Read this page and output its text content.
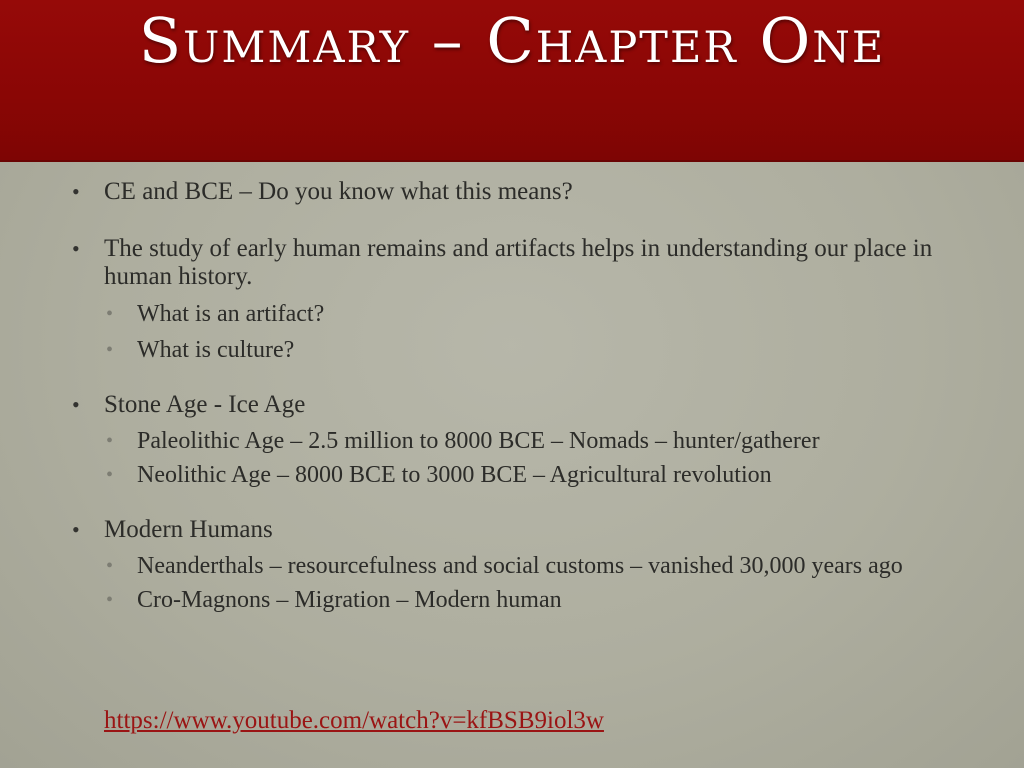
Summary – Chapter One

• CE and BCE – Do you know what this means?

• The study of early human remains and artifacts helps in understanding our place in human history.

• What is an artifact?

• What is culture?

• Stone Age - Ice Age

• Paleolithic Age – 2.5 million to 8000 BCE – Nomads – hunter/gatherer

• Neolithic Age – 8000 BCE to 3000 BCE – Agricultural revolution

• Modern Humans

• Neanderthals – resourcefulness and social customs – vanished 30,000 years ago

• Cro-Magnons – Migration – Modern human

https://www.youtube.com/watch?v=kfBSB9iol3w
